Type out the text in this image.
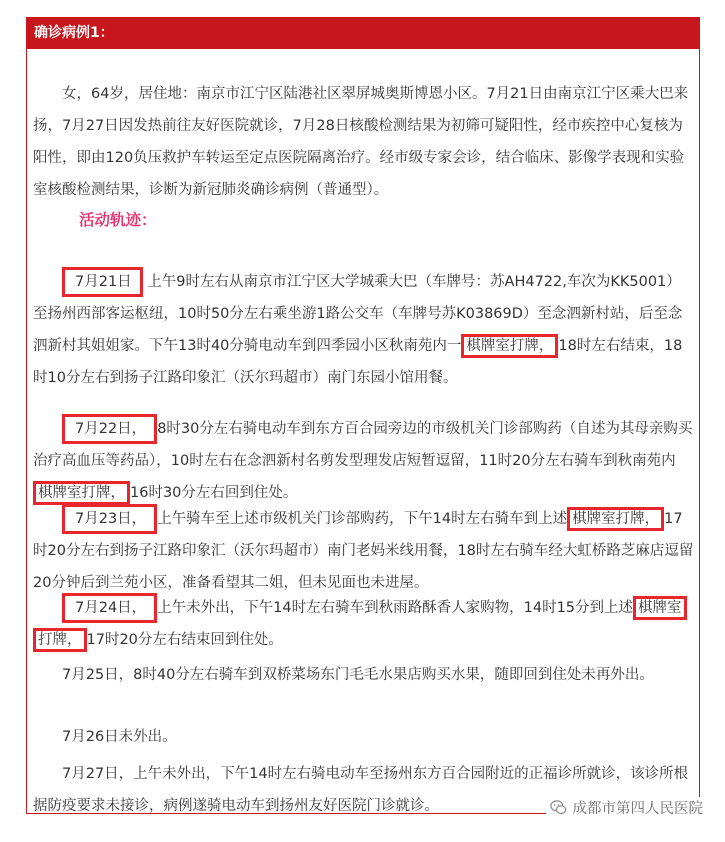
确诊病例1：

女，64岁，居住地：南京市江宁区陆港社区翠屏城奥斯博恩小区。7月21日由南京江宁区乘大巴来扬，7月27日因发热前往友好医院就诊，7月28日核酸检测结果为初筛可疑阳性，经市疾控中心复核为阳性，即由120负压救护车转运至定点医院隔离治疗。经市级专家会诊，结合临床、影像学表现和实验室核酸检测结果，诊断为新冠肺炎确诊病例（普通型）。

活动轨迹：

7月21日 上午9时左右从南京市江宁区大学城乘大巴（车牌号：苏AH4722,车次为KK5001）至扬州西部客运枢纽，10时50分左右乘坐游1路公交车（车牌号苏K03869D）至念泗新村站，后至念泗新村其姐姐家。下午13时40分骑电动车到四季园小区秋南苑内一 棋牌室打牌， 18时左右结束，18时10分左右到扬子江路印象汇（沃尔玛超市）南门东园小馆用餐。

7月22日， 8时30分左右骑电动车到东方百合园旁边的市级机关门诊部购药（自述为其母亲购买治疗高血压等药品），10时左右在念泗新村名剪发型理发店短暂逗留，11时20分左右骑车到秋南苑内棋牌室打牌， 16时30分左右回到住处。

7月23日， 上午骑车至上述市级机关门诊部购药，下午14时左右骑车到上述 棋牌室打牌， 17时20分左右到扬子江路印象汇（沃尔玛超市）南门老妈米线用餐，18时左右骑车经大虹桥路芝麻店逗留20分钟后到兰苑小区，准备看望其二姐，但未见面也未进屋。

7月24日， 上午未外出，下午14时左右骑车到秋雨路酥香人家购物，14时15分到上述 棋牌室打牌， 17时20分左右结束回到住处。

7月25日，8时40分左右骑车到双桥菜场东门毛毛水果店购买水果，随即回到住处未再外出。

7月26日未外出。

7月27日，上午未外出，下午14时左右骑电动车至扬州东方百合园附近的正福诊所就诊，该诊所根据防疫要求未接诊，病例遂骑电动车到扬州友好医院门诊就诊。	成都市第四人民医院
